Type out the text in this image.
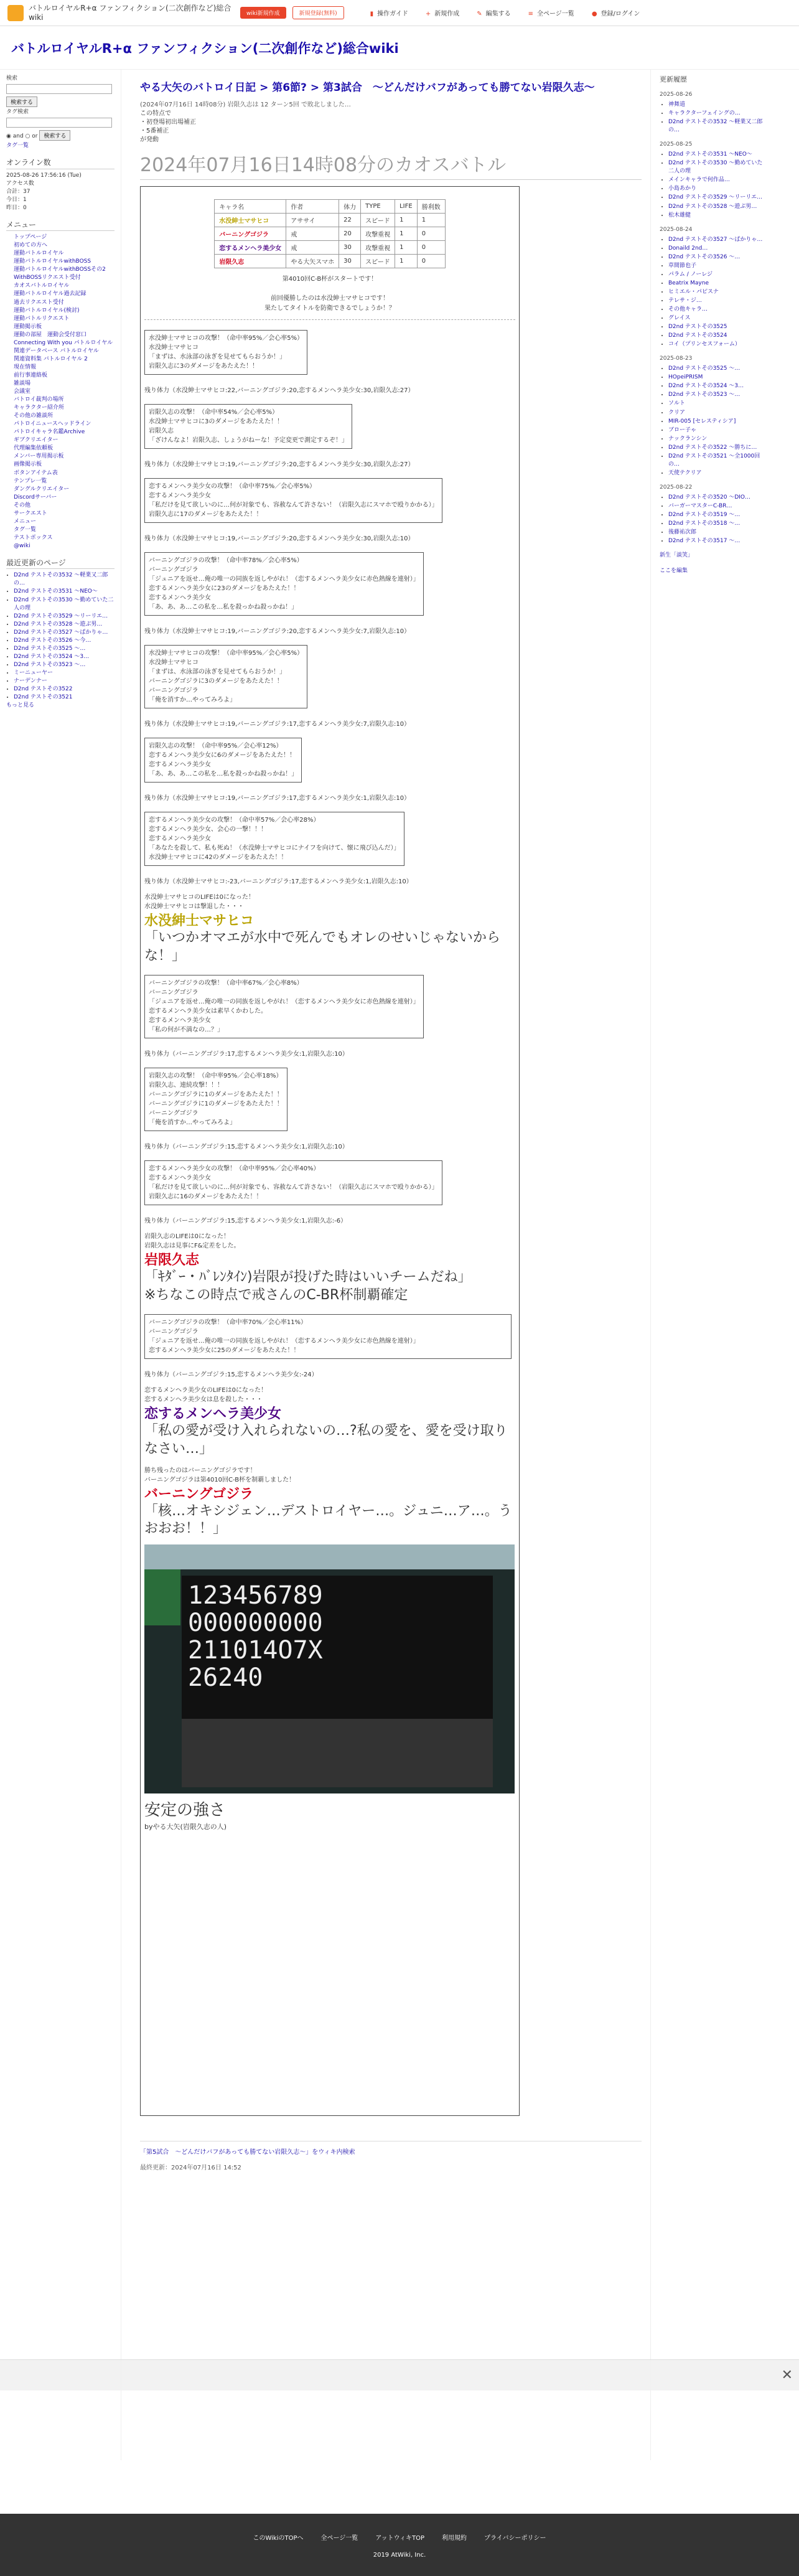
バトルロイヤルR+α ファンフィクション(二次創作など)総合wiki	wiki新規作成	新規登録(無料)	▮ 操作ガイド	+ 新規作成	✎ 編集する	≡ 全ページ一覧	● 登録/ログイン
バトルロイヤルR+α ファンフィクション(二次創作など)総合wiki
検索

検索する
タグ検索

◉ and ○ or 検索する
タグ一覧
オンライン数
2025-08-26 17:56:16 (Tue)
アクセス数
合計：37
今日：1
昨日：0
メニュー
トップページ
初めての方へ
運動バトルロイヤル
運動バトルロイヤルwithBOSS
運動バトルロイヤルwithBOSSその2
WithBOSSリクエスト受付
カオスバトルロイヤル
運動バトルロイヤル過去記録
過去リクエスト受付
運動バトルロイヤル(検討)
運動バトルリクエスト
運動掲示板
運動の部屋　運動会受付窓口
Connecting With you パトルロイヤル
関連データベース バトルロイヤル
関連資料集 バトルロイヤル 2
現在情報
前行事連絡板
雑談場
会議室
バトロイ裁判の場所
キャラクター紹介所
その他の雑談所
パトロイニュースヘッドライン
パトロイキャラ名鑑Archive
ギブクリエイター
代理編集依頼板
メンバー専用揭示板
画像掲示板
ボタンアイテム表
テンプレ一覧
ダングルクリエイター
Discordサーバー
その他
サークエスト
メニュー
タグ一覧
テストボックス
@wiki
最近更新のページ
• D2nd テストその3532 ～軽業又二郎の…
• D2nd テストその3531 ～NEO～
• D2nd テストその3530 ～勤めていた二人の理
• D2nd テストその3529 ～リーリエ…
• D2nd テストその3528 ～遊ぶ男…
• D2nd テストその3527 ～ぱかりゃ…
• D2nd テストその3526 ～今…
• D2nd テストその3525 ～…
• D2nd テストその3524 ～3…
• D2nd テストその3523 ～…
• ミーニューヤー
• ナーデンナー
• D2nd テストその3522
• D2nd テストその3521
もっと見る
やる大矢のバトロイ日記 > 第6節? > 第3試合　～どんだけバフがあっても勝てない岩限久志～
(2024年07月16日 14時08分) 岩限久志は 12 ターン5回 で敗北しました…
この特点で
・初登場初出場補正
・5番補正
が発動
2024年07月16日14時08分のカオスバトル
キャラ名	作者	体力	TYPE	LIFE	勝利数
水没紳士マサヒコ	アササイ	22	スピード	1	1
バーニングゴジラ	戒	20	攻撃重視	1	0
恋するメンヘラ美少女	戒	30	攻撃重視	1	0
岩限久志	やる大矢スマホ	30	スピード	1	0
第4010回C-B杯がスタートです！

前回優勝したのは水没紳士マサヒコです！
果たしてタイトルを防衛できるでしょうか！？
水没紳士マサヒコの攻撃！（命中率95%／会心率5%）
水没紳士マサヒコ
「まずは、水泳部の泳ぎを見せてもらおうか！」
岩限久志に3のダメージをあたえた！！
残り体力（水没紳士マサヒコ:22,バーニングゴジラ:20,恋するメンヘラ美少女:30,岩限久志:27）
岩限久志の攻撃！（命中率54%／会心率5%）
水没紳士マサヒコに3のダメージをあたえた！！
岩限久志
「ざけんなよ！岩限久志、しょうがねーな！予定変更で測定するぞ！」
残り体力（水没紳士マサヒコ:19,バーニングゴジラ:20,恋するメンヘラ美少女:30,岩限久志:27）
恋するメンヘラ美少女の攻撃！（命中率75%／会心率5%）
恋するメンヘラ美少女
「私だけを見て欲しいのに…何が対象でも、容赦なんて許さない！（岩限久志にスマホで殴りかかる）」
岩限久志に17のダメージをあたえた！！
残り体力（水没紳士マサヒコ:19,バーニングゴジラ:20,恋するメンヘラ美少女:30,岩限久志:10）
バーニングゴジラの攻撃！（命中率78%／会心率5%）
バーニングゴジラ
「ジュニアを返せ…俺の唯一の同族を返しやがれ！（恋するメンヘラ美少女に赤色熱線を連射）」
恋するメンヘラ美少女に23のダメージをあたえた！！
恋するメンヘラ美少女
「あ、あ、あ…この私を…私を殺っかね殺っかね！」
残り体力（水没紳士マサヒコ:19,バーニングゴジラ:20,恋するメンヘラ美少女:7,岩限久志:10）
水没紳士マサヒコの攻撃！（命中率95%／会心率5%）
水没紳士マサヒコ
「まずは、水泳部の泳ぎを見せてもらおうか！」
バーニングゴジラに3のダメージをあたえた！！
バーニングゴジラ
「俺を消すか…やってみろよ」
残り体力（水没紳士マサヒコ:19,バーニングゴジラ:17,恋するメンヘラ美少女:7,岩限久志:10）
岩限久志の攻撃！（命中率95%／会心率12%）
恋するメンヘラ美少女に6のダメージをあたえた！！
恋するメンヘラ美少女
「あ、あ、あ…この私を…私を殺っかね殺っかね！」
残り体力（水没紳士マサヒコ:19,バーニングゴジラ:17,恋するメンヘラ美少女:1,岩限久志:10）
恋するメンヘラ美少女の攻撃！（命中率57%／会心率28%）
恋するメンヘラ美少女、会心の一撃！！！
恋するメンヘラ美少女
「あなたを殺して、私も死ぬ！（水没紳士マサヒコにナイフを向けて、懐に飛び込んだ）」
水没紳士マサヒコに42のダメージをあたえた！！
残り体力（水没紳士マサヒコ:-23,バーニングゴジラ:17,恋するメンヘラ美少女:1,岩限久志:10）
水没紳士マサヒコのLIFEは0になった！
水没紳士マサヒコは撃退した・・・
水没紳士マサヒコ
「いつかオマエが水中で死んでもオレのせいじゃないからな！」
バーニングゴジラの攻撃！（命中率67%／会心率8%）
バーニングゴジラ
「ジュニアを返せ…俺の唯一の同族を返しやがれ！（恋するメンヘラ美少女に赤色熱線を連射）」
恋するメンヘラ美少女は素早くかわした。
恋するメンヘラ美少女
「私の何が不満なの…？」
残り体力（バーニングゴジラ:17,恋するメンヘラ美少女:1,岩限久志:10）
岩限久志の攻撃！（命中率95%／会心率18%）
岩限久志、連続攻撃！！！
バーニングゴジラに1のダメージをあたえた！！
バーニングゴジラに1のダメージをあたえた！！
バーニングゴジラ
「俺を消すか…やってみろよ」
残り体力（バーニングゴジラ:15,恋するメンヘラ美少女:1,岩限久志:10）
恋するメンヘラ美少女の攻撃！（命中率95%／会心率40%）
恋するメンヘラ美少女
「私だけを見て欲しいのに…何が対象でも、容赦なんて許さない！（岩限久志にスマホで殴りかかる）」
岩限久志に16のダメージをあたえた！！
残り体力（バーニングゴジラ:15,恋するメンヘラ美少女:1,岩限久志:-6）
岩限久志のLIFEは0になった！
岩限久志は見事にF&定差をした。
岩限久志
「ｷﾀﾞｰ・ﾊﾞﾚﾝﾀｲﾝ)岩限が投げた時はいいチームだね」
※ちなこの時点で戒さんのC-BR杯制覇確定
バーニングゴジラの攻撃！（命中率70%／会心率11%）
バーニングゴジラ
「ジュニアを返せ…俺の唯一の同族を返しやがれ！（恋するメンヘラ美少女に赤色熱線を連射）」
恋するメンヘラ美少女に25のダメージをあたえた！！
残り体力（バーニングゴジラ:15,恋するメンヘラ美少女:-24）
恋するメンヘラ美少女のLIFEは0になった！
恋するメンヘラ美少女は息を殺した・・・
恋するメンヘラ美少女
「私の愛が受け入れられないの…?私の愛を、愛を受け取りなさい…」
勝ち残ったのはバーニングゴジラです！
バーニングゴジラは第4010回C-B杯を制覇しました！
バーニングゴジラ
「核…オキシジェン…デストロイヤー…。ジュニ…ア…。うおおお！！」
123456789
000000000
211014O7X
26240
安定の強さ
byやる大矢(岩限久志の人)
「第5試合　～どんだけバフがあっても勝てない岩限久志～」をウィキ内検索
最終更新：2024年07月16日 14:52
更新履歴
2025-08-26
• 神舞道
• キャラクターフェイングの…
• D2nd テストその3532 ～軽業又二郎の…
2025-08-25
• D2nd テストその3531 ～NEO～
• D2nd テストその3530 ～勤めていた二人の理
• メインキャラで何作品…
• 小島あかり
• D2nd テストその3529 ～リーリエ…
• D2nd テストその3528 ～遊ぶ男…
• 松木雄健
2025-08-24
• D2nd テストその3527 ～ぱかりゃ…
• Donaild 2nd…
• D2nd テストその3526 ～…
• 草間節也子
• パラム / ノーレジ
• Beatrix Mayne
• ヒミエル・パピスナ
• テレサ・ジ…
• その他キャラ…
• グレイス
• D2nd テストその3525
• D2nd テストその3524
• コイ（プリンセスフォーム）
2025-08-23
• D2nd テストその3525 ～…
• HOpeiPRISM
• D2nd テストその3524 ～3…
• D2nd テストその3523 ～…
• ソルト
• クリア
• MIR-005 [セレスティシア]
• ブロー子ゃ
• ナックランシン
• D2nd テストその3522 ～勝ちに…
• D2nd テストその3521 ～全1000回の…
• 天使テクリア
2025-08-22
• D2nd テストその3520 ～DIO…
• バーガーマスターC-BR…
• D2nd テストその3519 ～…
• D2nd テストその3518 ～…
• 後藤祐次郎
• D2nd テストその3517 ～…
新生「談笑」
ここを編集
✕
このWikiのTOPへ	全ページ一覧	アットウィキTOP	利用規約	プライバシーポリシー
2019 AtWiki, Inc.
